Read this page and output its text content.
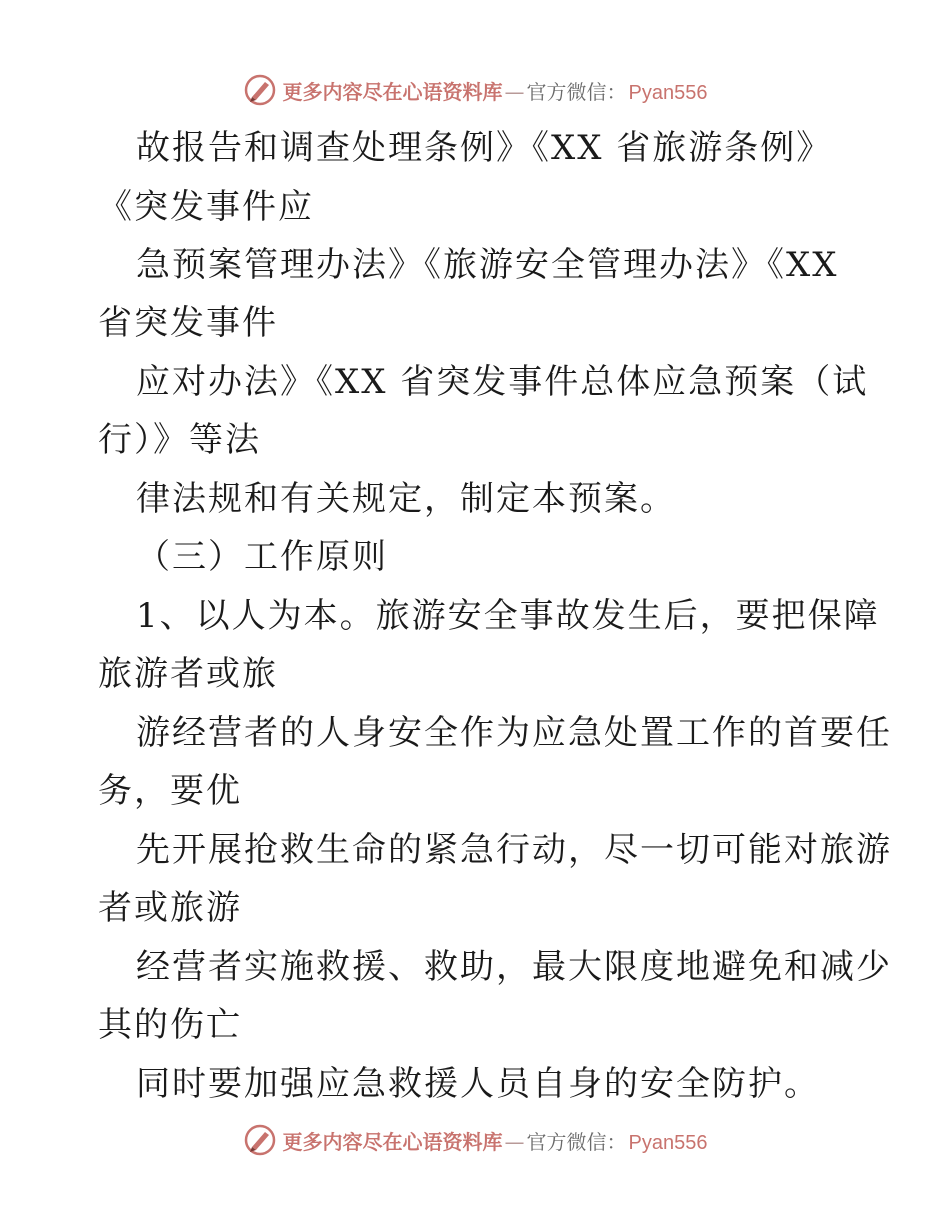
更多内容尽在心语资料库 — 官方微信： Pyan556
故报告和调查处理条例》《XX 省旅游条例》
《突发事件应
急预案管理办法》《旅游安全管理办法》《XX
省突发事件
应对办法》《XX 省突发事件总体应急预案（试
行）》等法
律法规和有关规定，制定本预案。
（三）工作原则
1、以人为本。旅游安全事故发生后，要把保障
旅游者或旅
游经营者的人身安全作为应急处置工作的首要任
务，要优
先开展抢救生命的紧急行动，尽一切可能对旅游
者或旅游
经营者实施救援、救助，最大限度地避免和减少
其的伤亡
同时要加强应急救援人员自身的安全防护。
更多内容尽在心语资料库 — 官方微信： Pyan556
